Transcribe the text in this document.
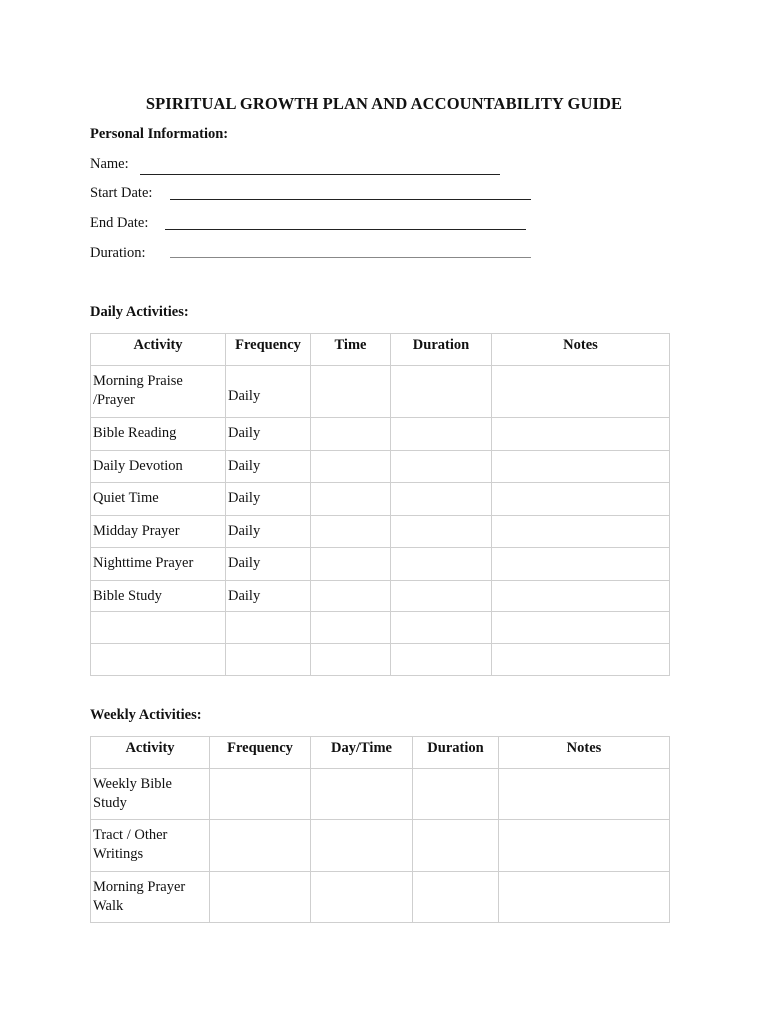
SPIRITUAL GROWTH PLAN AND ACCOUNTABILITY GUIDE
Personal Information:
Name:
Start Date:
End Date:
Duration:
Daily Activities:
Activity	Frequency	Time	Duration	Notes
Morning Praise /Prayer	Daily			
Bible Reading	Daily			
Daily Devotion	Daily			
Quiet Time	Daily			
Midday Prayer	Daily			
Nighttime Prayer	Daily			
Bible Study	Daily			

Weekly Activities:
Activity	Frequency	Day/Time	Duration	Notes
Weekly Bible Study				
Tract / Other Writings				
Morning Prayer Walk				
